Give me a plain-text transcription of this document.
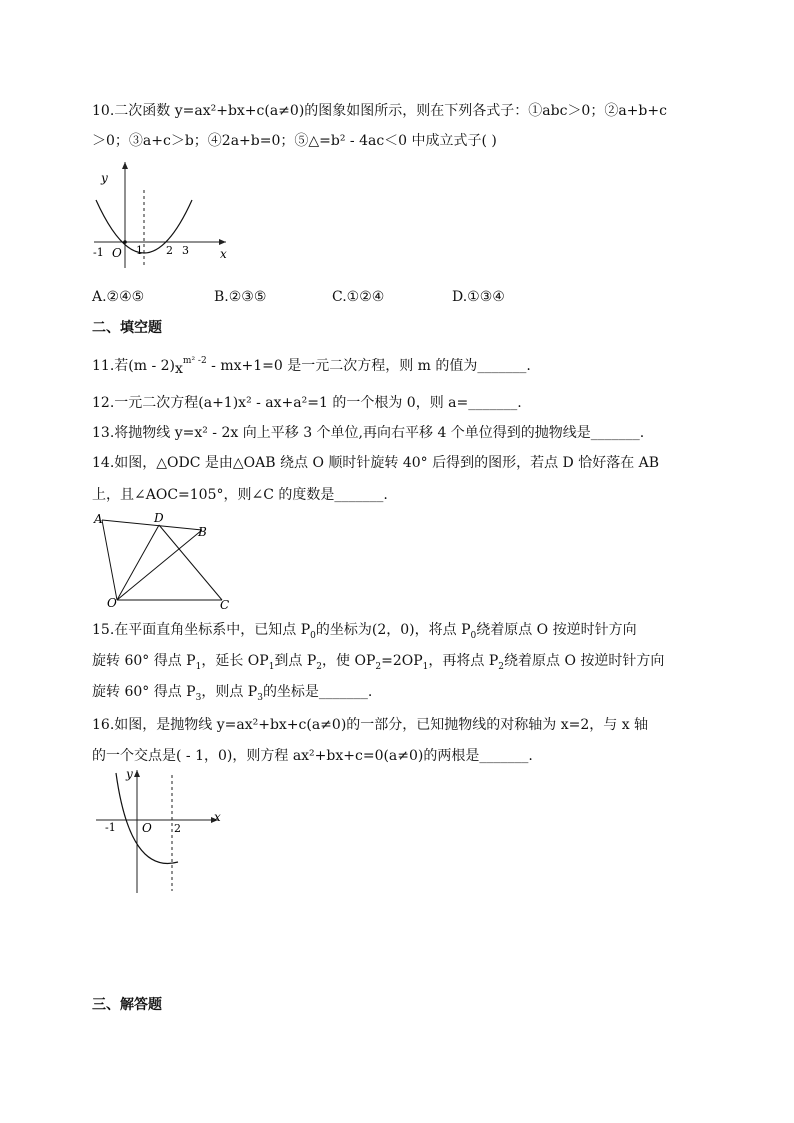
10.二次函数 y=ax²+bx+c(a≠0)的图象如图所示，则在下列各式子：①abc＞0；②a+b+c
＞0；③a+c＞b；④2a+b=0；⑤△=b² - 4ac＜0 中成立式子( )
y
x
-1 O 1 2 3
A.②④⑤	B.②③⑤	C.①②④	D.①③④
二、填空题
11.若$(m - 2)x^{m^2 -2} - mx+1=0$ 是一元二次方程，则 m 的值为_______.
12.一元二次方程(a+1)x² - ax+a²=1 的一个根为 0，则 a=_______.
13.将抛物线 y=x² - 2x 向上平移 3 个单位,再向右平移 4 个单位得到的抛物线是_______.
14.如图，△ODC 是由△OAB 绕点 O 顺时针旋转 40° 后得到的图形，若点 D 恰好落在 AB
上，且∠AOC=105°，则∠C 的度数是_______.
A	D
B
O	C
15.在平面直角坐标系中，已知点 $P_0$的坐标为(2，0)，将点 $P_0$绕着原点 O 按逆时针方向
旋转 60° 得点 $P_1$，延长 $OP_1$到点 $P_2$，使 $OP_2=2OP_1$，再将点 $P_2$绕着原点 O 按逆时针方向
旋转 60° 得点 $P_3$，则点 $P_3$的坐标是_______.
16.如图，是抛物线 y=ax²+bx+c(a≠0)的一部分，已知抛物线的对称轴为 x=2，与 x 轴
的一个交点是( - 1，0)，则方程 ax²+bx+c=0(a≠0)的两根是_______.
y
x
-1 O 2
三、解答题
